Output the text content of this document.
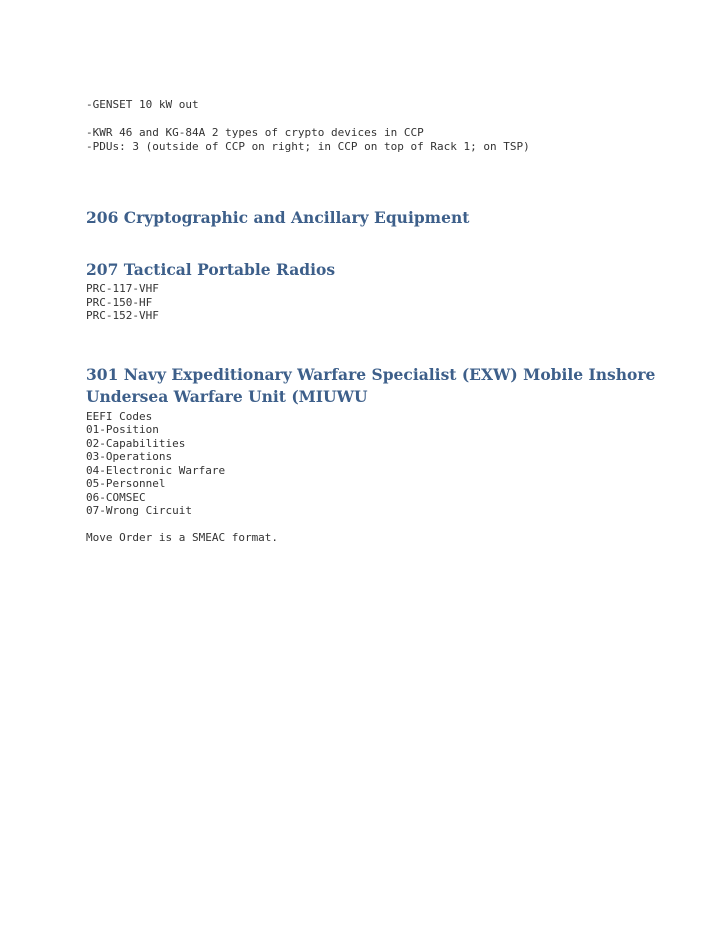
-GENSET 10 kW out

-KWR 46 and KG-84A 2 types of crypto devices in CCP

-PDUs: 3 (outside of CCP on right; in CCP on top of Rack 1; on TSP)

206 Cryptographic and Ancillary Equipment
207 Tactical Portable Radios

PRC-117-VHF

PRC-150-HF

PRC-152-VHF

301 Navy Expeditionary Warfare Specialist (EXW) Mobile Inshore
Undersea Warfare Unit (MIUWU

EEFI Codes

01-Position

02-Capabilities

03-Operations

04-Electronic Warfare

05-Personnel

06-COMSEC

07-Wrong Circuit

Move Order is a SMEAC format.
